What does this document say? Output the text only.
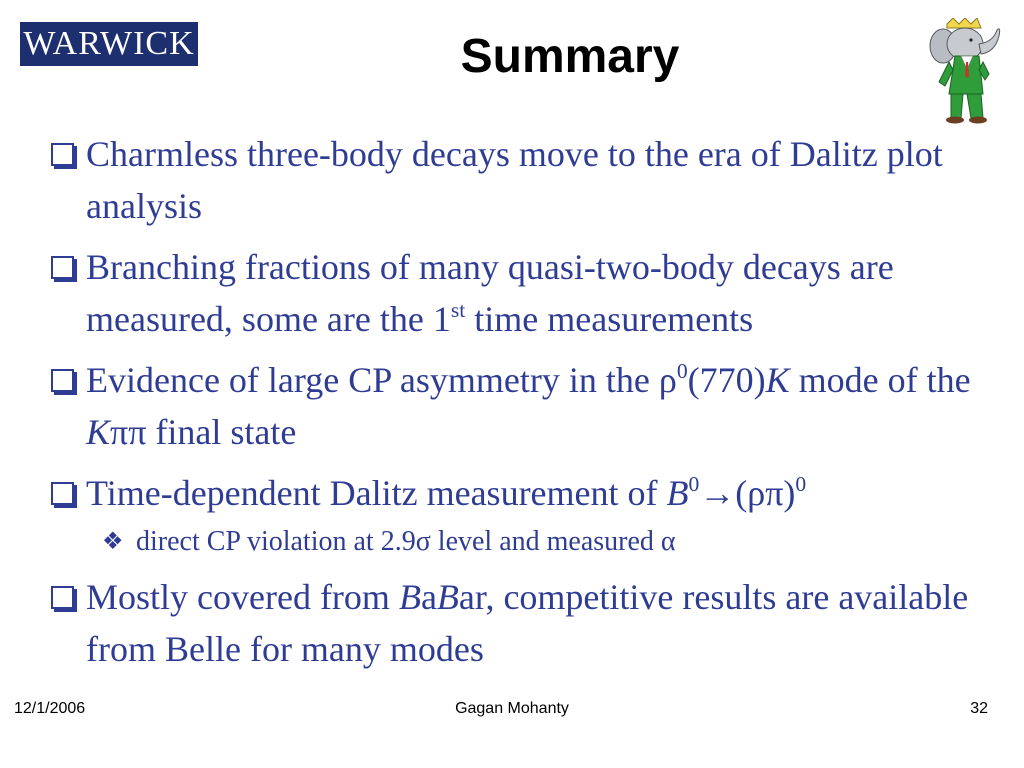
WARWICK	Summary
Charmless three-body decays move to the era of Dalitz plot analysis
Branching fractions of many quasi-two-body decays are measured, some are the 1st time measurements
Evidence of large CP asymmetry in the $\rho^0(770)K$ mode of the Kππ final state
Time-dependent Dalitz measurement of $B^0\to(\rho\pi)^0$
❖ direct CP violation at 2.9σ level and measured α
Mostly covered from BaBar, competitive results are available from Belle for many modes
12/1/2006	Gagan Mohanty	32
